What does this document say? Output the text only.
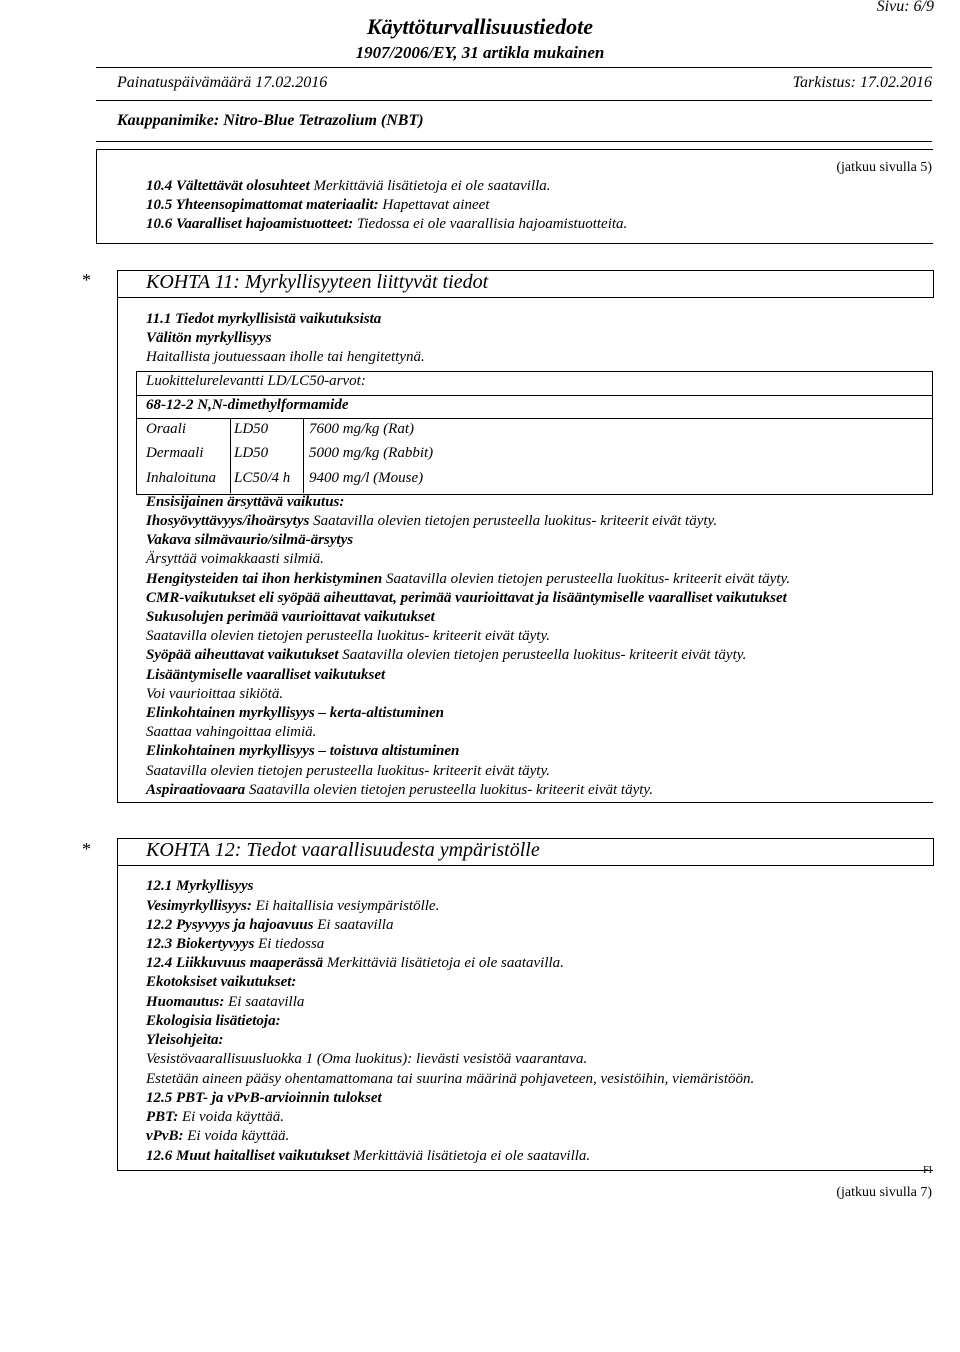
Sivu: 6/9
Käyttöturvallisuustiedote
1907/2006/EY, 31 artikla mukainen
Painatuspäivämäärä 17.02.2016	Tarkistus: 17.02.2016
Kauppanimike: Nitro-Blue Tetrazolium (NBT)
(jatkuu sivulla 5)
10.4 Vältettävät olosuhteet Merkittäviä lisätietoja ei ole saatavilla.
10.5 Yhteensopimattomat materiaalit: Hapettavat aineet
10.6 Vaaralliset hajoamistuotteet: Tiedossa ei ole vaarallisia hajoamistuotteita.
*	KOHTA 11: Myrkyllisyyteen liittyvät tiedot
11.1 Tiedot myrkyllisistä vaikutuksista
Välitön myrkyllisyys
Haitallista joutuessaan iholle tai hengitettynä.
Luokittelurelevantti LD/LC50-arvot:
68-12-2 N,N-dimethylformamide
Oraali	LD50	7600 mg/kg (Rat)
Dermaali LD50	5000 mg/kg (Rabbit)
Inhaloituna LC50/4 h 9400 mg/l (Mouse)
Ensisijainen ärsyttävä vaikutus:
Ihosyövyttävyys/ihoärsytys Saatavilla olevien tietojen perusteella luokitus- kriteerit eivät täyty.
Vakava silmävaurio/silmä-ärsytys
Ärsyttää voimakkaasti silmiä.
Hengitysteiden tai ihon herkistyminen Saatavilla olevien tietojen perusteella luokitus- kriteerit eivät täyty.
CMR-vaikutukset eli syöpää aiheuttavat, perimää vaurioittavat ja lisääntymiselle vaaralliset vaikutukset
Sukusolujen perimää vaurioittavat vaikutukset
Saatavilla olevien tietojen perusteella luokitus- kriteerit eivät täyty.
Syöpää aiheuttavat vaikutukset Saatavilla olevien tietojen perusteella luokitus- kriteerit eivät täyty.
Lisääntymiselle vaaralliset vaikutukset
Voi vaurioittaa sikiötä.
Elinkohtainen myrkyllisyys – kerta-altistuminen
Saattaa vahingoittaa elimiä.
Elinkohtainen myrkyllisyys – toistuva altistuminen
Saatavilla olevien tietojen perusteella luokitus- kriteerit eivät täyty.
Aspiraatiovaara Saatavilla olevien tietojen perusteella luokitus- kriteerit eivät täyty.
*	KOHTA 12: Tiedot vaarallisuudesta ympäristölle
12.1 Myrkyllisyys
Vesimyrkyllisyys: Ei haitallisia vesiympäristölle.
12.2 Pysyvyys ja hajoavuus Ei saatavilla
12.3 Biokertyvyys Ei tiedossa
12.4 Liikkuvuus maaperässä Merkittäviä lisätietoja ei ole saatavilla.
Ekotoksiset vaikutukset:
Huomautus: Ei saatavilla
Ekologisia lisätietoja:
Yleisohjeita:
Vesistövaarallisuusluokka 1 (Oma luokitus): lievästi vesistöä vaarantava.
Estetään aineen pääsy ohentamattomana tai suurina määrinä pohjaveteen, vesistöihin, viemäristöön.
12.5 PBT- ja vPvB-arvioinnin tulokset
PBT: Ei voida käyttää.
vPvB: Ei voida käyttää.
12.6 Muut haitalliset vaikutukset Merkittäviä lisätietoja ei ole saatavilla.
FI
(jatkuu sivulla 7)
